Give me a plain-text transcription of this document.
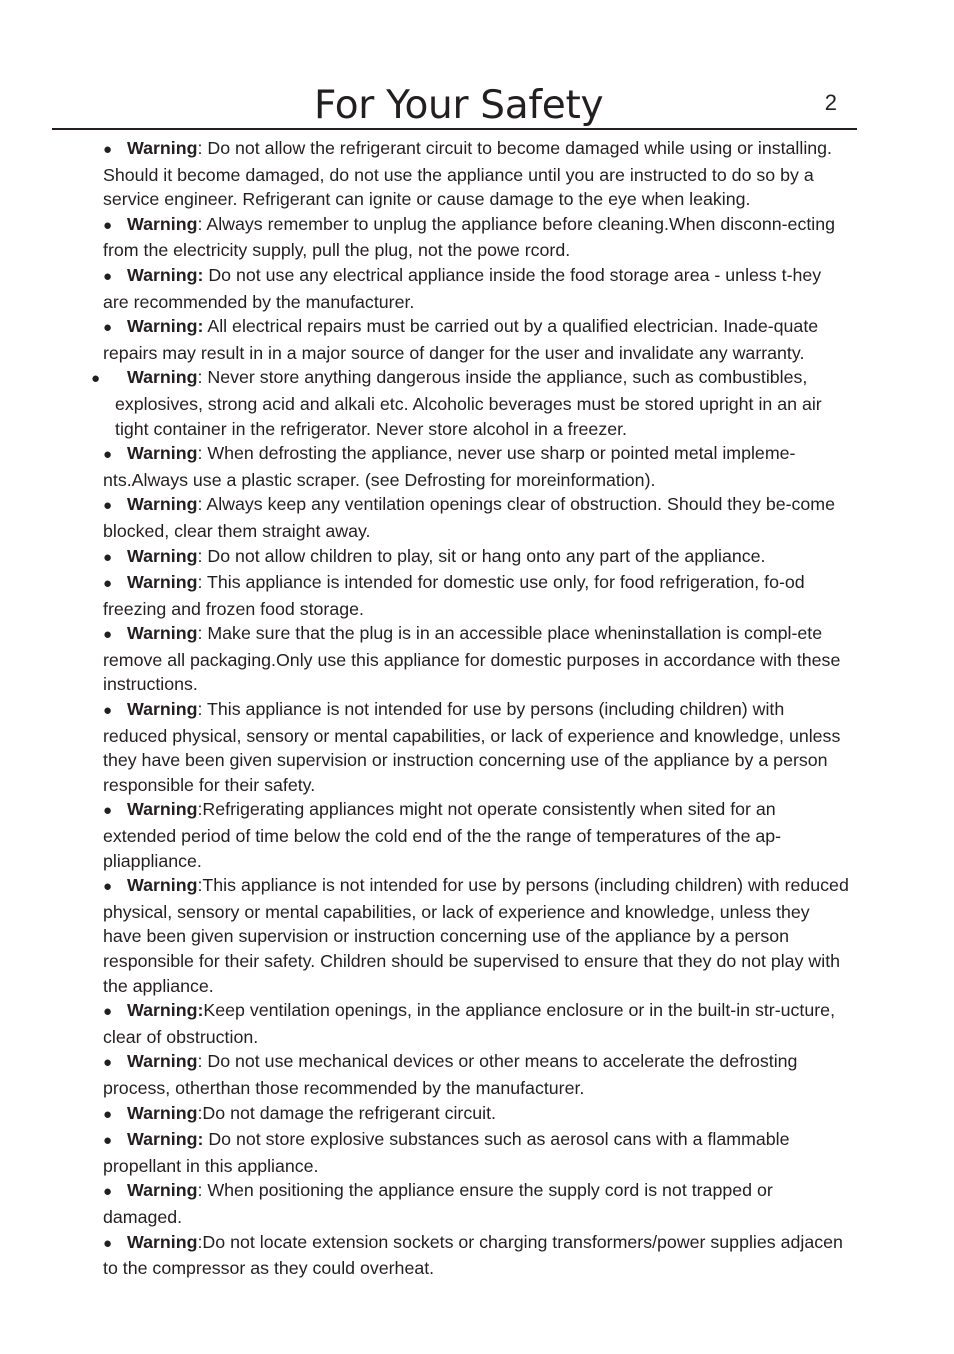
For Your Safety	2
● Warning: Do not allow the refrigerant circuit to become damaged while using or installing. Should it become damaged, do not use the appliance until you are instructed to do so by a service engineer. Refrigerant can ignite or cause damage to the eye when leaking.
● Warning: Always remember to unplug the appliance before cleaning.When disconn-ecting from the electricity supply, pull the plug, not the powe rcord.
● Warning: Do not use any electrical appliance inside the food storage area - unless t-hey are recommended by the manufacturer.
● Warning: All electrical repairs must be carried out by a qualified electrician. Inade-quate repairs may result in in a major source of danger for the user and invalidate any warranty.
● Warning: Never store anything dangerous inside the appliance, such as combustibles, explosives, strong acid and alkali etc. Alcoholic beverages must be stored upright in an air tight container in the refrigerator. Never store alcohol in a freezer.
● Warning: When defrosting the appliance, never use sharp or pointed metal impleme-nts.Always use a plastic scraper. (see Defrosting for moreinformation).
● Warning: Always keep any ventilation openings clear of obstruction. Should they be-come blocked, clear them straight away.
● Warning: Do not allow children to play, sit or hang onto any part of the appliance.
● Warning: This appliance is intended for domestic use only, for food refrigeration, fo-od freezing and frozen food storage.
● Warning: Make sure that the plug is in an accessible place wheninstallation is compl-ete remove all packaging.Only use this appliance for domestic purposes in accordance with these instructions.
● Warning: This appliance is not intended for use by persons (including children) with reduced physical, sensory or mental capabilities, or lack of experience and knowledge, unless they have been given supervision or instruction concerning use of the appliance by a person responsible for their safety.
● Warning:Refrigerating appliances might not operate consistently when sited for an extended period of time below the cold end of the the range of temperatures of the ap-pliappliance.
● Warning:This appliance is not intended for use by persons (including children) with reduced physical, sensory or mental capabilities, or lack of experience and knowledge, unless they have been given supervision or instruction concerning use of the appliance by a person responsible for their safety. Children should be supervised to ensure that they do not play with the appliance.
● Warning:Keep ventilation openings, in the appliance enclosure or in the built-in str-ucture, clear of obstruction.
● Warning: Do not use mechanical devices or other means to accelerate the defrosting process, otherthan those recommended by the manufacturer.
● Warning:Do not damage the refrigerant circuit.
● Warning: Do not store explosive substances such as aerosol cans with a flammable propellant in this appliance.
● Warning: When positioning the appliance ensure the supply cord is not trapped or damaged.
● Warning:Do not locate extension sockets or charging transformers/power supplies adjacen to the compressor as they could overheat.
